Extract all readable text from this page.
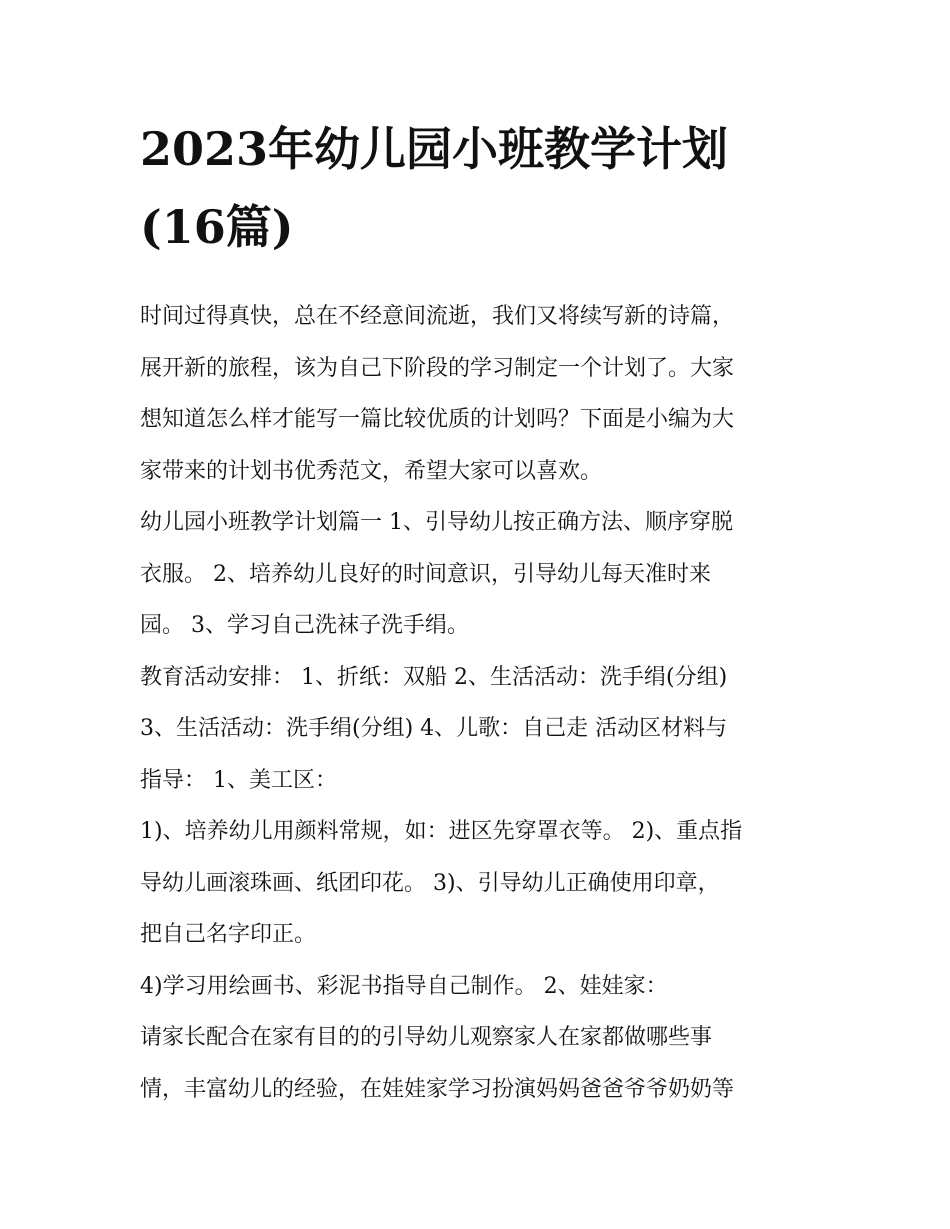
2023年幼儿园小班教学计划
(16篇)
时间过得真快，总在不经意间流逝，我们又将续写新的诗篇，
展开新的旅程，该为自己下阶段的学习制定一个计划了。大家
想知道怎么样才能写一篇比较优质的计划吗？下面是小编为大
家带来的计划书优秀范文，希望大家可以喜欢。
幼儿园小班教学计划篇一 1、引导幼儿按正确方法、顺序穿脱
衣服。 2、培养幼儿良好的时间意识，引导幼儿每天准时来
园。 3、学习自己洗袜子洗手绢。
教育活动安排： 1、折纸：双船 2、生活活动：洗手绢(分组)
3、生活活动：洗手绢(分组) 4、儿歌：自己走 活动区材料与
指导： 1、美工区：
1)、培养幼儿用颜料常规，如：进区先穿罩衣等。 2)、重点指
导幼儿画滚珠画、纸团印花。 3)、引导幼儿正确使用印章，
把自己名字印正。
4)学习用绘画书、彩泥书指导自己制作。 2、娃娃家：
请家长配合在家有目的的引导幼儿观察家人在家都做哪些事
情，丰富幼儿的经验，在娃娃家学习扮演妈妈爸爸爷爷奶奶等
